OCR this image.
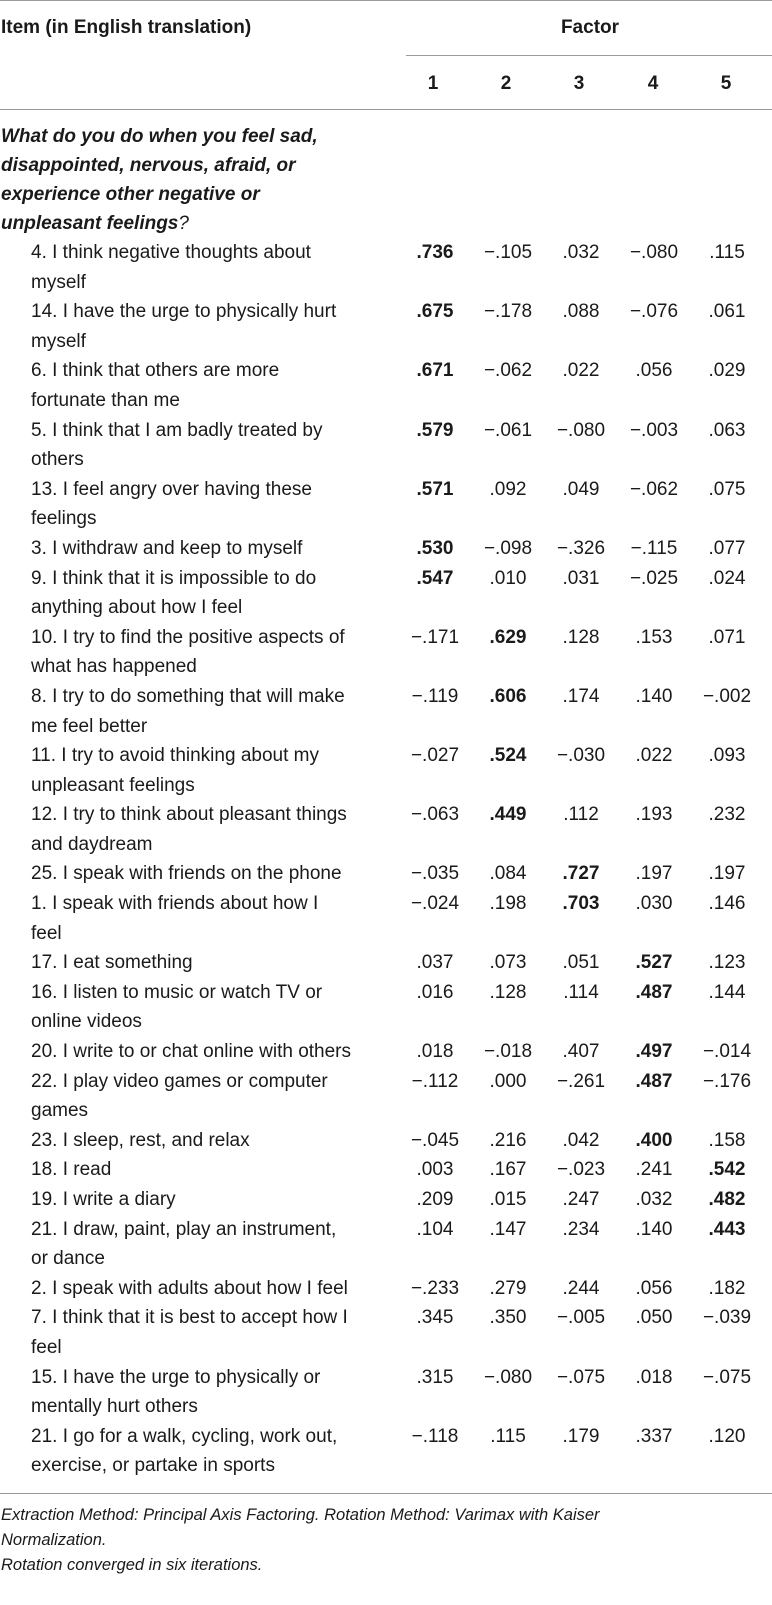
Item (in English translation)	Factor
1	2	3	4	5
What do you do when you feel sad,
disappointed, nervous, afraid, or
experience other negative or
unpleasant feelings?
4. I think negative thoughts about
myself
.736	−.105	.032	−.080	.115
14. I have the urge to physically hurt
myself
.675	−.178	.088	−.076	.061
6. I think that others are more
fortunate than me
.671	−.062	.022	.056	.029
5. I think that I am badly treated by
others
.579	−.061	−.080	−.003	.063
13. I feel angry over having these
feelings
.571	.092	.049	−.062	.075
3. I withdraw and keep to myself	.530	−.098	−.326	−.115	.077
9. I think that it is impossible to do
anything about how I feel
.547	.010	.031	−.025	.024
10. I try to find the positive aspects of
what has happened
−.171	.629	.128	.153	.071
8. I try to do something that will make
me feel better
−.119	.606	.174	.140	−.002
11. I try to avoid thinking about my
unpleasant feelings
−.027	.524	−.030	.022	.093
12. I try to think about pleasant things
and daydream
−.063	.449	.112	.193	.232
25. I speak with friends on the phone	−.035	.084	.727	.197	.197
1. I speak with friends about how I
feel
−.024	.198	.703	.030	.146
17. I eat something	.037	.073	.051	.527	.123
16. I listen to music or watch TV or
online videos
.016	.128	.114	.487	.144
20. I write to or chat online with others	.018	−.018	.407	.497	−.014
22. I play video games or computer
games
−.112	.000	−.261	.487	−.176
23. I sleep, rest, and relax	−.045	.216	.042	.400	.158
18. I read	.003	.167	−.023	.241	.542
19. I write a diary	.209	.015	.247	.032	.482
21. I draw, paint, play an instrument,
or dance
.104	.147	.234	.140	.443
2. I speak with adults about how I feel	−.233	.279	.244	.056	.182
7. I think that it is best to accept how I
feel
.345	.350	−.005	.050	−.039
15. I have the urge to physically or
mentally hurt others
.315	−.080	−.075	.018	−.075
21. I go for a walk, cycling, work out,
exercise, or partake in sports
−.118	.115	.179	.337	.120
Extraction Method: Principal Axis Factoring. Rotation Method: Varimax with Kaiser
Normalization.
Rotation converged in six iterations.
